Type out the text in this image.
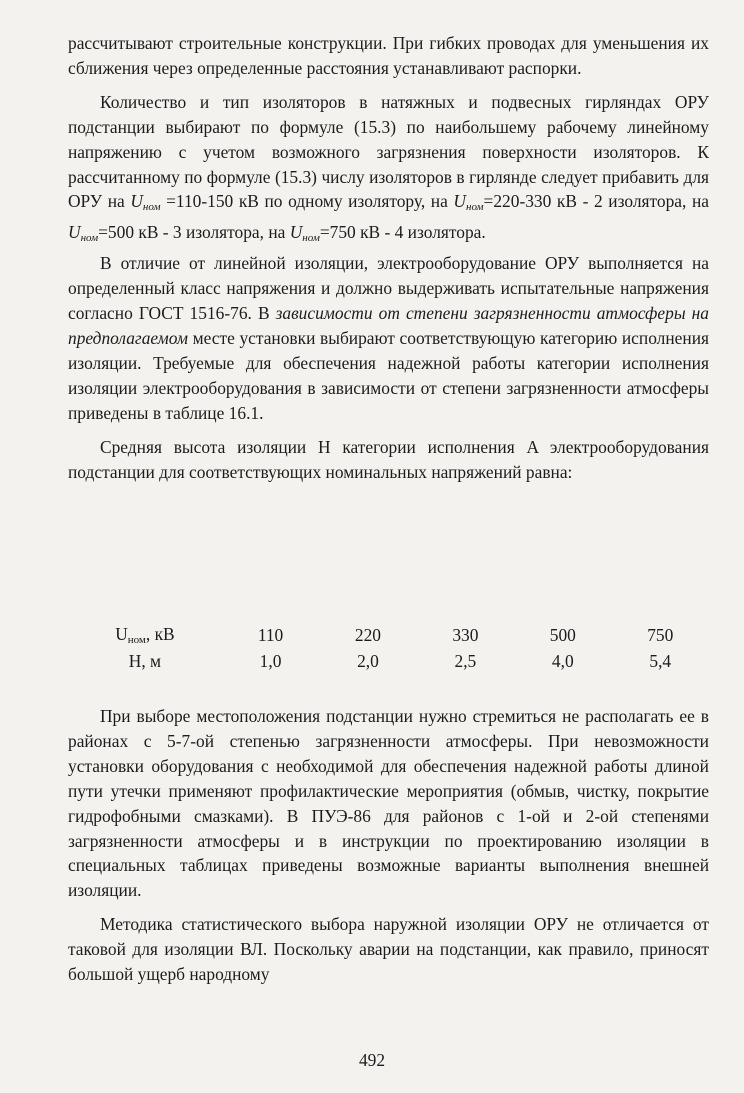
рассчитывают строительные конструкции. При гибких проводах для уменьшения их сближения через определенные расстояния устанавливают распорки.

Количество и тип изоляторов в натяжных и подвесных гирляндах ОРУ подстанции выбирают по формуле (15.3) по наибольшему рабочему линейному напряжению с учетом возможного загрязнения поверхности изоляторов. К рассчитанному по формуле (15.3) числу изоляторов в гирлянде следует прибавить для ОРУ на $U_{ном} =110-150$ кВ по одному изолятору, на $U_{ном}=220-330$ кВ - 2 изолятора, на $U_{ном}=500$ кВ - 3 изолятора, на $U_{ном}=750$ кВ - 4 изолятора.

В отличие от линейной изоляции, электрооборудование ОРУ выполняется на определенный класс напряжения и должно выдерживать испытательные напряжения согласно ГОСТ 1516-76. В зависимости от степени загрязненности атмосферы на предполагаемом месте установки выбирают соответствующую категорию исполнения изоляции. Требуемые для обеспечения надежной работы категории исполнения изоляции электрооборудования в зависимости от степени загрязненности атмосферы приведены в таблице 16.1.

Средняя высота изоляции H категории исполнения A электрооборудования подстанции для соответствующих номинальных напряжений равна:

$U_{ном}$, кВ	110	220	330	500	750
H, м	1,0	2,0	2,5	4,0	5,4

При выборе местоположения подстанции нужно стремиться не располагать ее в районах с 5-7-ой степенью загрязненности атмосферы. При невозможности установки оборудования с необходимой для обеспечения надежной работы длиной пути утечки применяют профилактические мероприятия (обмыв, чистку, покрытие гидрофобными смазками). В ПУЭ-86 для районов с 1-ой и 2-ой степенями загрязненности атмосферы и в инструкции по проектированию изоляции в специальных таблицах приведены возможные варианты выполнения внешней изоляции.

Методика статистического выбора наружной изоляции ОРУ не отличается от таковой для изоляции ВЛ. Поскольку аварии на подстанции, как правило, приносят большой ущерб народному

492
